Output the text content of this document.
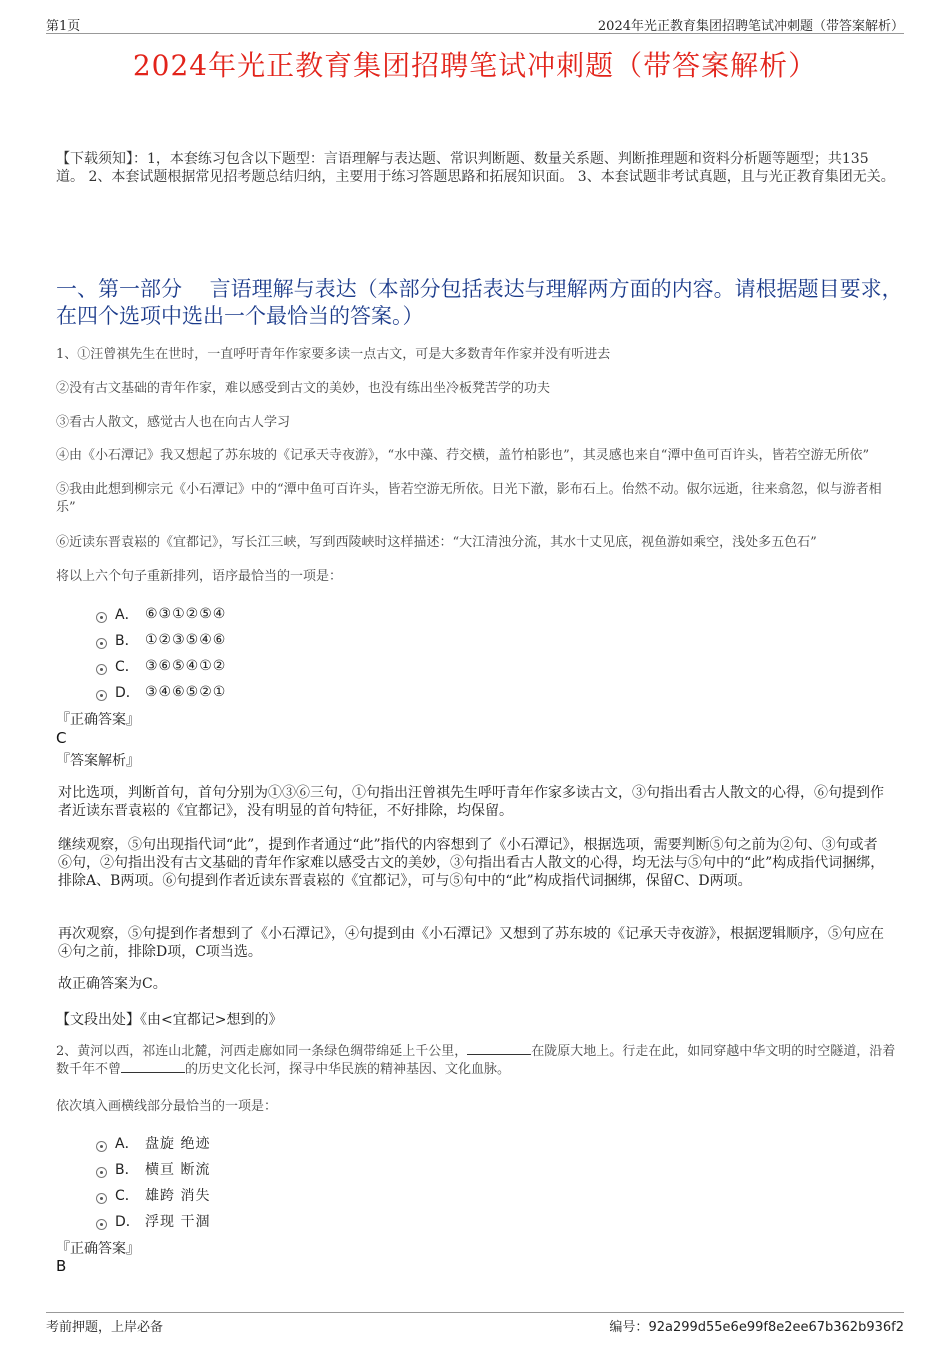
第1页	2024年光正教育集团招聘笔试冲刺题（带答案解析）
2024年光正教育集团招聘笔试冲刺题（带答案解析）
【下载须知】：1，本套练习包含以下题型：言语理解与表达题、常识判断题、数量关系题、判断推理题和资料分析题等题型；共135道。 2、本套试题根据常见招考题总结归纳，主要用于练习答题思路和拓展知识面。 3、本套试题非考试真题，且与光正教育集团无关。
一、第一部分　 言语理解与表达（本部分包括表达与理解两方面的内容。请根据题目要求，在四个选项中选出一个最恰当的答案。）
1、①汪曾祺先生在世时，一直呼吁青年作家要多读一点古文，可是大多数青年作家并没有听进去
②没有古文基础的青年作家，难以感受到古文的美妙，也没有练出坐冷板凳苦学的功夫
③看古人散文，感觉古人也在向古人学习
④由《小石潭记》我又想起了苏东坡的《记承天寺夜游》，“水中藻、荇交横，盖竹柏影也”，其灵感也来自“潭中鱼可百许头，皆若空游无所依”
⑤我由此想到柳宗元《小石潭记》中的“潭中鱼可百许头，皆若空游无所依。日光下澈，影布石上。佁然不动。俶尔远逝，往来翕忽，似与游者相乐”
⑥近读东晋袁崧的《宜都记》，写长江三峡，写到西陵峡时这样描述：“大江清浊分流，其水十丈见底，视鱼游如乘空，浅处多五色石”
将以上六个句子重新排列，语序最恰当的一项是：
A． ⑥③①②⑤④
B． ①②③⑤④⑥
C． ③⑥⑤④①②
D． ③④⑥⑤②①
『正确答案』
C
『答案解析』
对比选项，判断首句，首句分别为①③⑥三句，①句指出汪曾祺先生呼吁青年作家多读古文，③句指出看古人散文的心得，⑥句提到作者近读东晋袁崧的《宜都记》，没有明显的首句特征，不好排除，均保留。
继续观察，⑤句出现指代词“此”，提到作者通过“此”指代的内容想到了《小石潭记》，根据选项，需要判断⑤句之前为②句、③句或者⑥句，②句指出没有古文基础的青年作家难以感受古文的美妙，③句指出看古人散文的心得，均无法与⑤句中的“此”构成指代词捆绑，排除A、B两项。⑥句提到作者近读东晋袁崧的《宜都记》，可与⑤句中的“此”构成指代词捆绑，保留C、D两项。
再次观察，⑤句提到作者想到了《小石潭记》，④句提到由《小石潭记》又想到了苏东坡的《记承天寺夜游》，根据逻辑顺序，⑤句应在④句之前，排除D项，C项当选。
故正确答案为C。
【文段出处】《由<宜都记>想到的》
2、黄河以西，祁连山北麓，河西走廊如同一条绿色绸带绵延上千公里，	在陇原大地上。行走在此，如同穿越中华文明的时空隧道，沿着数千年不曾	的历史文化长河，探寻中华民族的精神基因、文化血脉。
依次填入画横线部分最恰当的一项是：
A． 盘旋 绝迹
B． 横亘 断流
C． 雄跨 消失
D． 浮现 干涸
『正确答案』
B
考前押题，上岸必备	编号：92a299d55e6e99f8e2ee67b362b936f2
